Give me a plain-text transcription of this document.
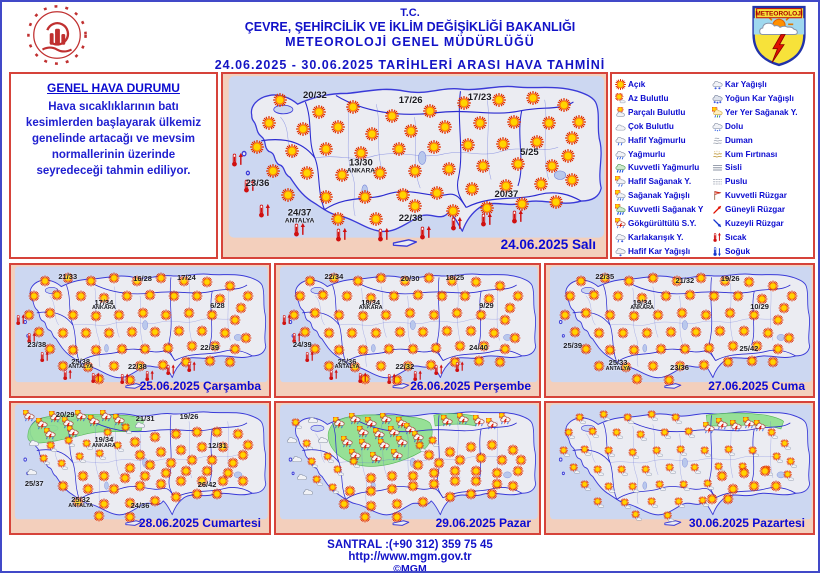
T.C.
ÇEVRE, ŞEHİRCİLİK VE İKLİM DEĞİŞİKLİĞİ BAKANLIĞI
METEOROLOJİ GENEL MÜDÜRLÜĞÜ
24.06.2025 - 30.06.2025 TARİHLERİ ARASI HAVA TAHMİNİ
METEOROLOJİ
GENEL HAVA DURUMU

Hava sıcaklıklarının batı kesimlerden başlayarak ülkemiz genelinde artacağı ve mevsim normallerinin üzerinde seyredeceği tahmin ediliyor.

20/32	17/26	17/23
13/30
ANKARA
5/25
23/36
24/37
ANTALYA
20/37
22/38
24.06.2025 Salı
21/33	16/28	17/24
17/34
ANKARA	6/28
23/38
25/38
ANTALYA	22/38
22/39
25.06.2025 Çarşamba
22/34	20/30	18/25
18/34
ANKARA	9/29
24/39
25/36
ANTALYA	22/32
24/40
26.06.2025 Perşembe
22/35	21/32	19/26
19/34
ANKARA	10/29
25/39
25/33
ANTALYA	23/36
25/42
27.06.2025 Cuma
20/29	21/31	19/26
19/34
ANKARA	12/31
25/37
25/32
ANTALYA	24/36
26/42
28.06.2025 Cumartesi	29.06.2025 Pazar	30.06.2025 Pazartesi
Açık
Az Bulutlu
Parçalı Bulutlu
Çok Bulutlu
Hafif Yağmurlu
Yağmurlu
Kuvvetli Yağmurlu
Hafif Sağanak Y.
Sağanak Yağışlı
Kuvvetli Sağanak Y
Gökgürültülü S.Y.
Karlakarışık Y.
Hafif Kar Yağışlı
Kar Yağışlı
Yoğun Kar Yağışlı
Yer Yer Sağanak Y.
Dolu
Duman
Kum Fırtınası
Sisli
Puslu
Kuvvetli Rüzgar
Güneyli Rüzgar
Kuzeyli Rüzgar
Sıcak
Soğuk
SANTRAL :(+90 312) 359 75 45
http://www.mgm.gov.tr
©MGM
